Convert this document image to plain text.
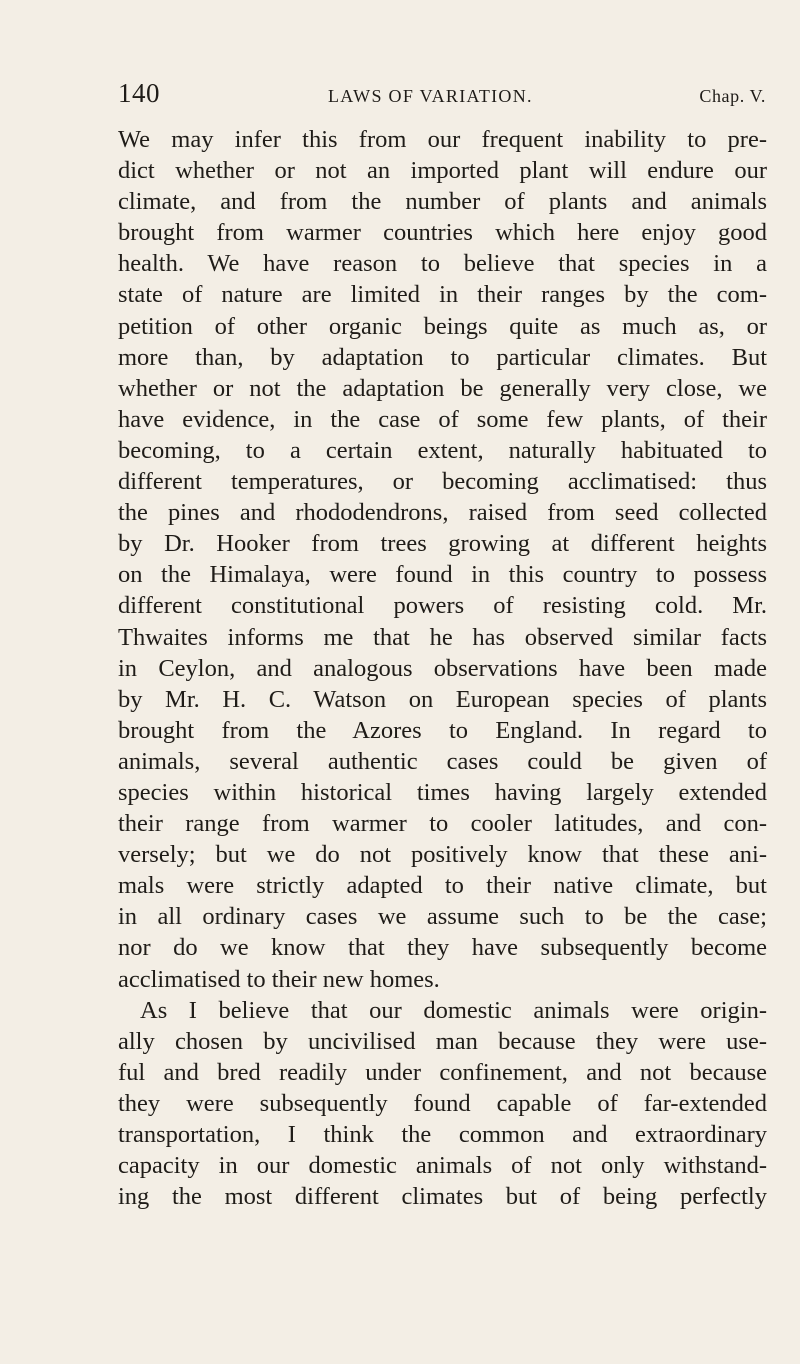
140	LAWS OF VARIATION.	Chap. V.
We may infer this from our frequent inability to pre-
dict whether or not an imported plant will endure our
climate, and from the number of plants and animals
brought from warmer countries which here enjoy good
health. We have reason to believe that species in a
state of nature are limited in their ranges by the com-
petition of other organic beings quite as much as, or
more than, by adaptation to particular climates. But
whether or not the adaptation be generally very close, we
have evidence, in the case of some few plants, of their
becoming, to a certain extent, naturally habituated to
different temperatures, or becoming acclimatised: thus
the pines and rhododendrons, raised from seed collected
by Dr. Hooker from trees growing at different heights
on the Himalaya, were found in this country to possess
different constitutional powers of resisting cold. Mr.
Thwaites informs me that he has observed similar facts
in Ceylon, and analogous observations have been made
by Mr. H. C. Watson on European species of plants
brought from the Azores to England. In regard to
animals, several authentic cases could be given of
species within historical times having largely extended
their range from warmer to cooler latitudes, and con-
versely; but we do not positively know that these ani-
mals were strictly adapted to their native climate, but
in all ordinary cases we assume such to be the case;
nor do we know that they have subsequently become
acclimatised to their new homes.
As I believe that our domestic animals were origin-
ally chosen by uncivilised man because they were use-
ful and bred readily under confinement, and not because
they were subsequently found capable of far-extended
transportation, I think the common and extraordinary
capacity in our domestic animals of not only withstand-
ing the most different climates but of being perfectly
